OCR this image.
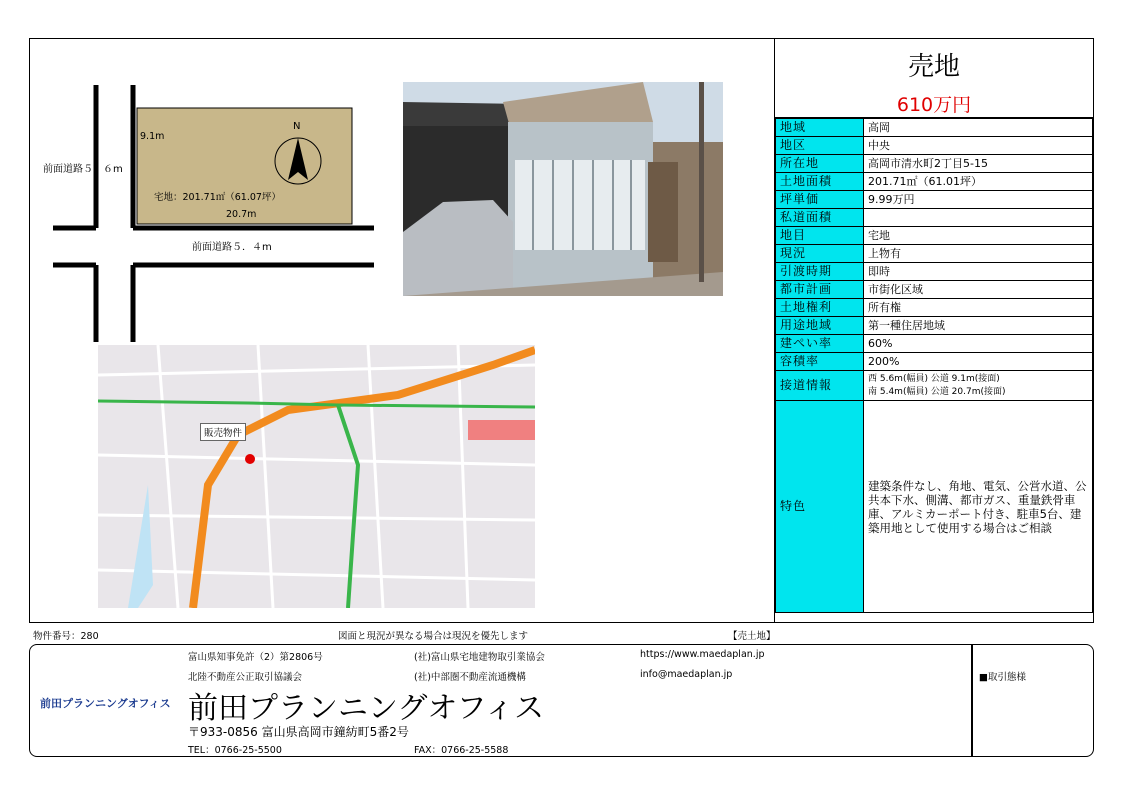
N
9.1m
宅地：201.71㎡（61.07坪）
20.7m
前面道路５．６m
前面道路５．４m
販売物件
売地
610万円
地域	高岡
地区	中央
所在地	高岡市清水町2丁目5-15
土地面積	201.71㎡（61.01坪）
坪単価	9.99万円
私道面積	
地目	宅地
現況	上物有
引渡時期	即時
都市計画	市街化区域
土地権利	所有権
用途地域	第一種住居地域
建ぺい率	60%
容積率	200%
接道情報	西 5.6m(幅員) 公道 9.1m(接面)
南 5.4m(幅員) 公道 20.7m(接面)

特色	建築条件なし、角地、電気、公営水道、公共本下水、側溝、都市ガス、重量鉄骨車庫、アルミカーポート付き、駐車5台、建築用地として使用する場合はご相談
物件番号：280	図面と現況が異なる場合は現況を優先します	【売土地】
前田プランニングオフィス
富山県知事免許（2）第2806号
北陸不動産公正取引協議会
(社)富山県宅地建物取引業協会
(社)中部圏不動産流通機構
https://www.maedaplan.jp
info@maedaplan.jp
前田プランニングオフィス
〒933-0856 富山県高岡市鐘紡町5番2号
TEL：0766-25-5500	FAX：0766-25-5588
■取引態様
